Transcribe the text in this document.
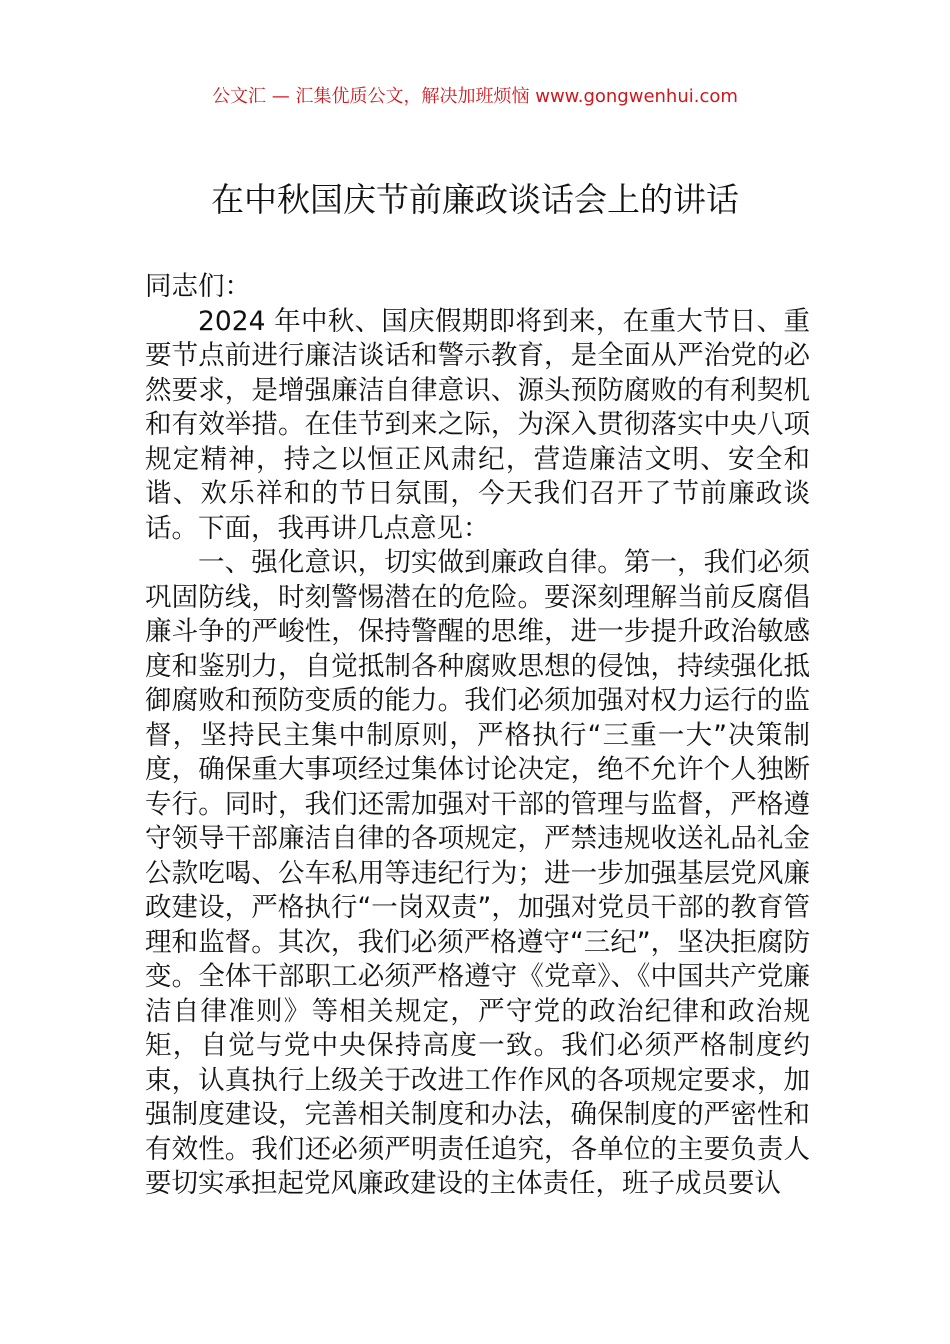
公文汇 — 汇集优质公文，解决加班烦恼 www.gongwenhui.com
在中秋国庆节前廉政谈话会上的讲话

同志们：

2024 年中秋、国庆假期即将到来，在重大节日、重要节点前进行廉洁谈话和警示教育，是全面从严治党的必然要求，是增强廉洁自律意识、源头预防腐败的有利契机和有效举措。在佳节到来之际，为深入贯彻落实中央八项规定精神，持之以恒正风肃纪，营造廉洁文明、安全和谐、欢乐祥和的节日氛围，今天我们召开了节前廉政谈话。下面，我再讲几点意见：

一、强化意识，切实做到廉政自律。第一，我们必须巩固防线，时刻警惕潜在的危险。要深刻理解当前反腐倡廉斗争的严峻性，保持警醒的思维，进一步提升政治敏感度和鉴别力，自觉抵制各种腐败思想的侵蚀，持续强化抵御腐败和预防变质的能力。我们必须加强对权力运行的监督，坚持民主集中制原则，严格执行“三重一大”决策制度，确保重大事项经过集体讨论决定，绝不允许个人独断专行。同时，我们还需加强对干部的管理与监督，严格遵守领导干部廉洁自律的各项规定，严禁违规收送礼品礼金公款吃喝、公车私用等违纪行为；进一步加强基层党风廉政建设，严格执行“一岗双责”，加强对党员干部的教育管理和监督。其次，我们必须严格遵守“三纪”，坚决拒腐防变。全体干部职工必须严格遵守《党章》、《中国共产党廉洁自律准则》等相关规定，严守党的政治纪律和政治规矩，自觉与党中央保持高度一致。我们必须严格制度约束，认真执行上级关于改进工作作风的各项规定要求，加强制度建设，完善相关制度和办法，确保制度的严密性和有效性。我们还必须严明责任追究，各单位的主要负责人要切实承担起党风廉政建设的主体责任，班子成员要认
